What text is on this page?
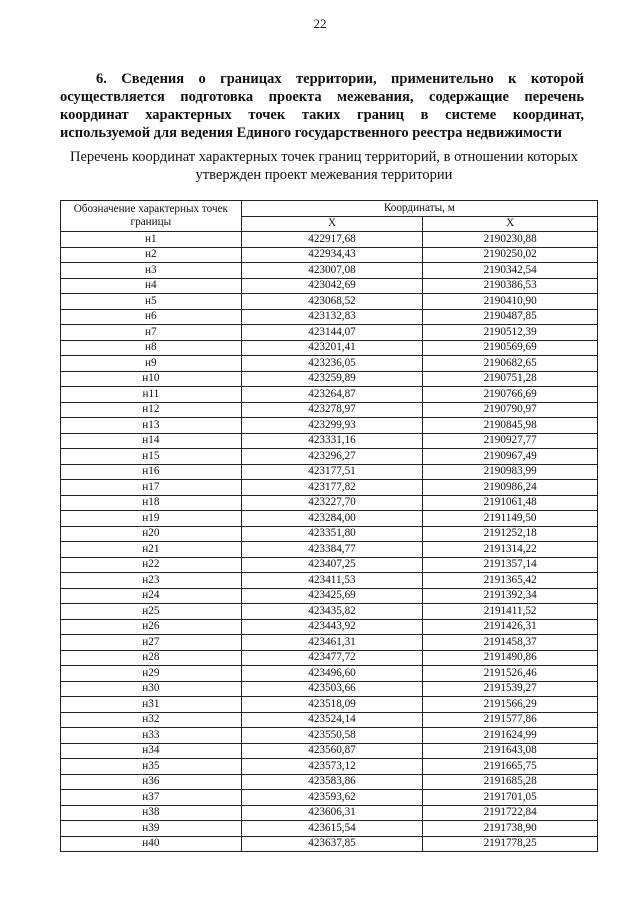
22
6. Сведения о границах территории, применительно к которой осуществляется подготовка проекта межевания, содержащие перечень координат характерных точек таких границ в системе координат, используемой для ведения Единого государственного реестра недвижимости
Перечень координат характерных точек границ территорий, в отношении которых утвержден проект межевания территории
Обозначение характерных точек границы	Координаты, м	
	X	Х
н1	422917,68	2190230,88
н2	422934,43	2190250,02
н3	423007,08	2190342,54
н4	423042,69	2190386,53
н5	423068,52	2190410,90
н6	423132,83	2190487,85
н7	423144,07	2190512,39
н8	423201,41	2190569,69
н9	423236,05	2190682,65
н10	423259,89	2190751,28
н11	423264,87	2190766,69
н12	423278,97	2190790,97
н13	423299,93	2190845,98
н14	423331,16	2190927,77
н15	423296,27	2190967,49
н16	423177,51	2190983,99
н17	423177,82	2190986,24
н18	423227,70	2191061,48
н19	423284,00	2191149,50
н20	423351,80	2191252,18
н21	423384,77	2191314,22
н22	423407,25	2191357,14
н23	423411,53	2191365,42
н24	423425,69	2191392,34
н25	423435,82	2191411,52
н26	423443,92	2191426,31
н27	423461,31	2191458,37
н28	423477,72	2191490,86
н29	423496,60	2191526,46
н30	423503,66	2191539,27
н31	423518,09	2191566,29
н32	423524,14	2191577,86
н33	423550,58	2191624,99
н34	423560,87	2191643,08
н35	423573,12	2191665,75
н36	423583,86	2191685,28
н37	423593,62	2191701,05
н38	423606,31	2191722,84
н39	423615,54	2191738,90
н40	423637,85	2191778,25
